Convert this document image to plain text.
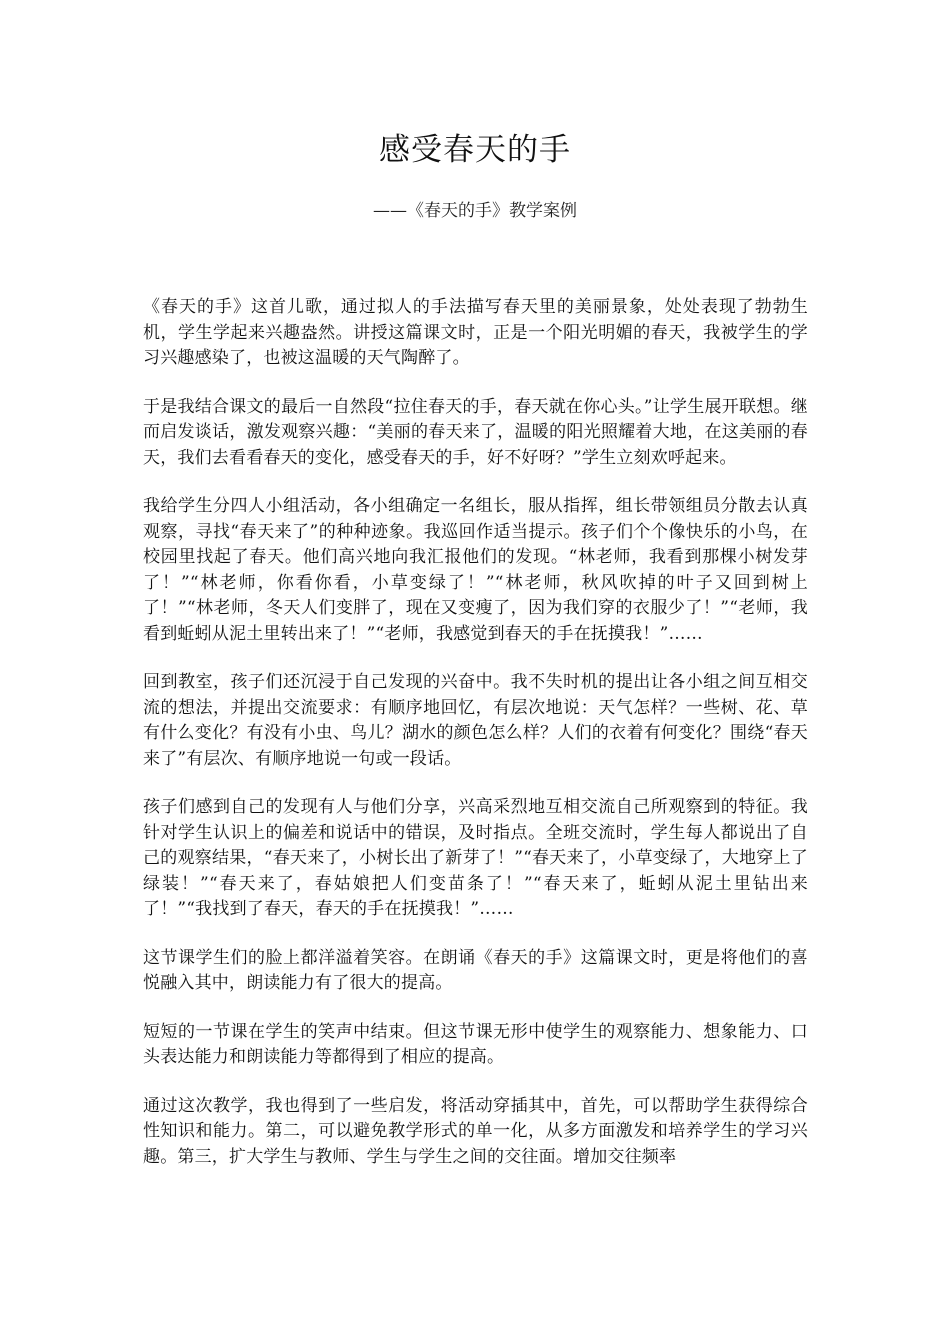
感受春天的手
——《春天的手》教学案例

《春天的手》这首儿歌，通过拟人的手法描写春天里的美丽景象，处处表现了勃勃生机，学生学起来兴趣盎然。讲授这篇课文时，正是一个阳光明媚的春天，我被学生的学习兴趣感染了，也被这温暖的天气陶醉了。

于是我结合课文的最后一自然段“拉住春天的手，春天就在你心头。”让学生展开联想。继而启发谈话，激发观察兴趣：“美丽的春天来了，温暖的阳光照耀着大地，在这美丽的春天，我们去看看春天的变化，感受春天的手，好不好呀？”学生立刻欢呼起来。

我给学生分四人小组活动，各小组确定一名组长，服从指挥，组长带领组员分散去认真观察，寻找“春天来了”的种种迹象。我巡回作适当提示。孩子们个个像快乐的小鸟，在校园里找起了春天。他们高兴地向我汇报他们的发现。“林老师，我看到那棵小树发芽了！”“林老师，你看你看，小草变绿了！”“林老师，秋风吹掉的叶子又回到树上了！”“林老师，冬天人们变胖了，现在又变瘦了，因为我们穿的衣服少了！”“老师，我看到蚯蚓从泥土里转出来了！”“老师，我感觉到春天的手在抚摸我！”……

回到教室，孩子们还沉浸于自己发现的兴奋中。我不失时机的提出让各小组之间互相交流的想法，并提出交流要求：有顺序地回忆，有层次地说：天气怎样？一些树、花、草有什么变化？有没有小虫、鸟儿？湖水的颜色怎么样？人们的衣着有何变化？围绕“春天来了”有层次、有顺序地说一句或一段话。

孩子们感到自己的发现有人与他们分享，兴高采烈地互相交流自己所观察到的特征。我针对学生认识上的偏差和说话中的错误，及时指点。全班交流时，学生每人都说出了自己的观察结果，“春天来了，小树长出了新芽了！”“春天来了，小草变绿了，大地穿上了绿装！”“春天来了，春姑娘把人们变苗条了！”“春天来了，蚯蚓从泥土里钻出来了！”“我找到了春天，春天的手在抚摸我！”……

这节课学生们的脸上都洋溢着笑容。在朗诵《春天的手》这篇课文时，更是将他们的喜悦融入其中，朗读能力有了很大的提高。

短短的一节课在学生的笑声中结束。但这节课无形中使学生的观察能力、想象能力、口头表达能力和朗读能力等都得到了相应的提高。

通过这次教学，我也得到了一些启发，将活动穿插其中，首先，可以帮助学生获得综合性知识和能力。第二，可以避免教学形式的单一化，从多方面激发和培养学生的学习兴趣。第三，扩大学生与教师、学生与学生之间的交往面。增加交往频率
